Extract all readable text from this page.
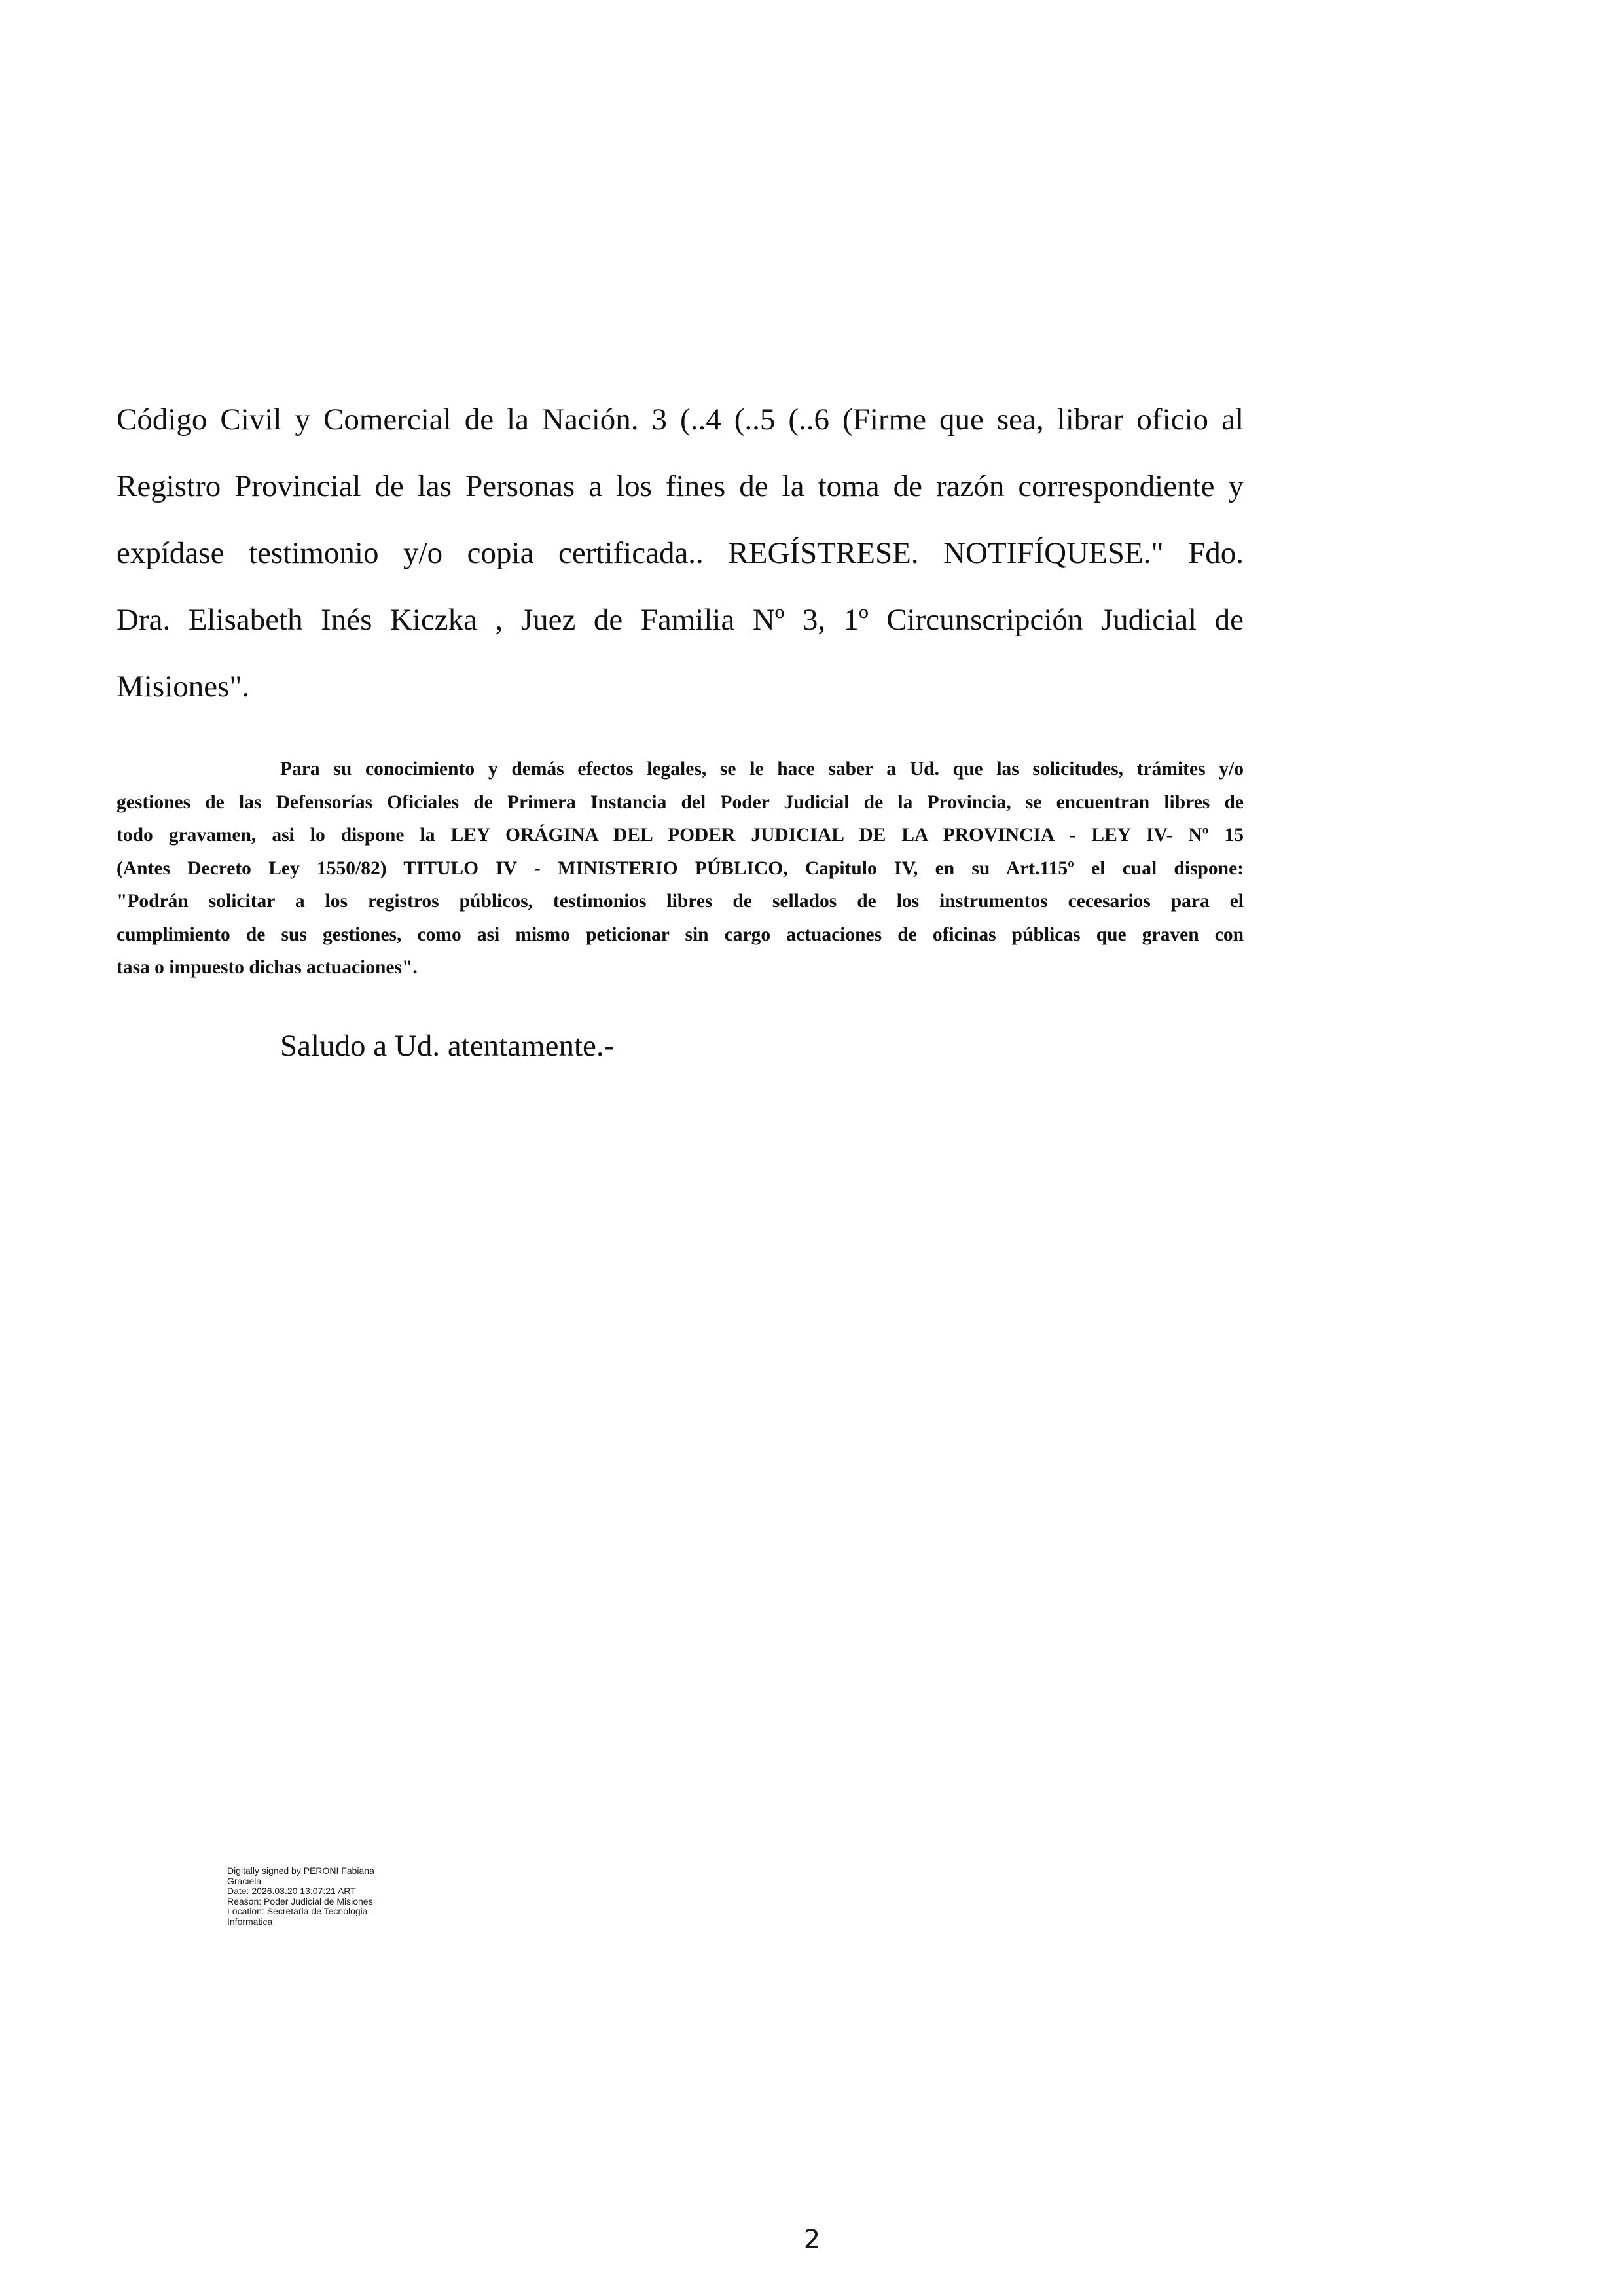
Código Civil y Comercial de la Nación. 3 (..4 (..5 (..6 (Firme que sea, librar oficio al
Registro Provincial de las Personas a los fines de la toma de razón correspondiente y
expídase testimonio y/o copia certificada.. REGÍSTRESE. NOTIFÍQUESE." Fdo.
Dra. Elisabeth Inés Kiczka , Juez de Familia Nº 3, 1º Circunscripción Judicial de
Misiones".
Para su conocimiento y demás efectos legales, se le hace saber a Ud. que las solicitudes, trámites y/o
gestiones de las Defensorías Oficiales de Primera Instancia del Poder Judicial de la Provincia, se encuentran libres de
todo gravamen, asi lo dispone la LEY ORÁGINA DEL PODER JUDICIAL DE LA PROVINCIA - LEY IV- Nº 15
(Antes Decreto Ley 1550/82) TITULO IV - MINISTERIO PÚBLICO, Capitulo IV, en su Art.115º el cual dispone:
"Podrán solicitar a los registros públicos, testimonios libres de sellados de los instrumentos cecesarios para el
cumplimiento de sus gestiones, como asi mismo peticionar sin cargo actuaciones de oficinas públicas que graven con
tasa o impuesto dichas actuaciones".

Saludo a Ud. atentamente.-

Digitally signed by PERONI Fabiana
Graciela
Date: 2026.03.20 13:07:21 ART
Reason: Poder Judicial de Misiones
Location: Secretaria de Tecnologia
Informatica
2
